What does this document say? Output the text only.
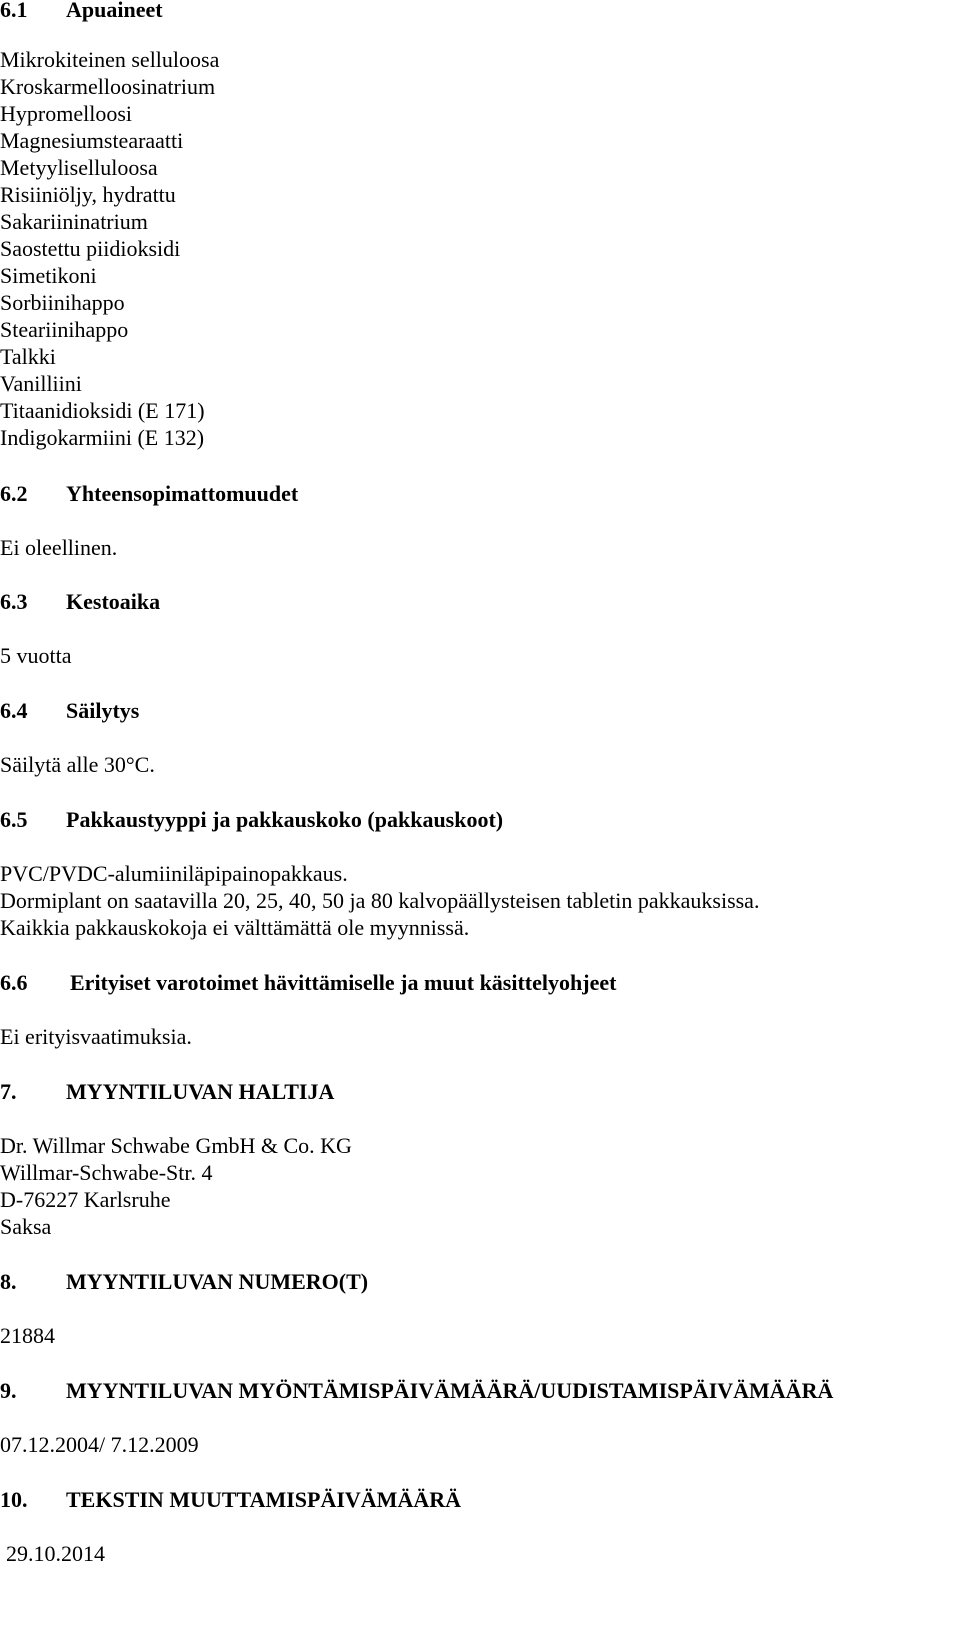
6.1 Apuaineet
Mikrokiteinen selluloosa
Kroskarmelloosinatrium
Hypromelloosi
Magnesiumstearaatti
Metyyliselluloosa
Risiiniöljy, hydrattu
Sakariininatrium
Saostettu piidioksidi
Simetikoni
Sorbiinihappo
Steariinihappo
Talkki
Vanilliini
Titaanidioksidi (E 171)
Indigokarmiini (E 132)
6.2 Yhteensopimattomuudet
Ei oleellinen.
6.3 Kestoaika
5 vuotta
6.4 Säilytys
Säilytä alle 30°C.
6.5 Pakkaustyyppi ja pakkauskoko (pakkauskoot)
PVC/PVDC-alumiiniläpipainopakkaus.
Dormiplant on saatavilla 20, 25, 40, 50 ja 80 kalvopäällysteisen tabletin pakkauksissa.
Kaikkia pakkauskokoja ei välttämättä ole myynnissä.
6.6 Erityiset varotoimet hävittämiselle ja muut käsittelyohjeet
Ei erityisvaatimuksia.
7. MYYNTILUVAN HALTIJA
Dr. Willmar Schwabe GmbH & Co. KG
Willmar-Schwabe-Str. 4
D-76227 Karlsruhe
Saksa
8. MYYNTILUVAN NUMERO(T)
21884
9. MYYNTILUVAN MYÖNTÄMISPÄIVÄMÄÄRÄ/UUDISTAMISPÄIVÄMÄÄRÄ
07.12.2004/ 7.12.2009
10. TEKSTIN MUUTTAMISPÄIVÄMÄÄRÄ
29.10.2014
